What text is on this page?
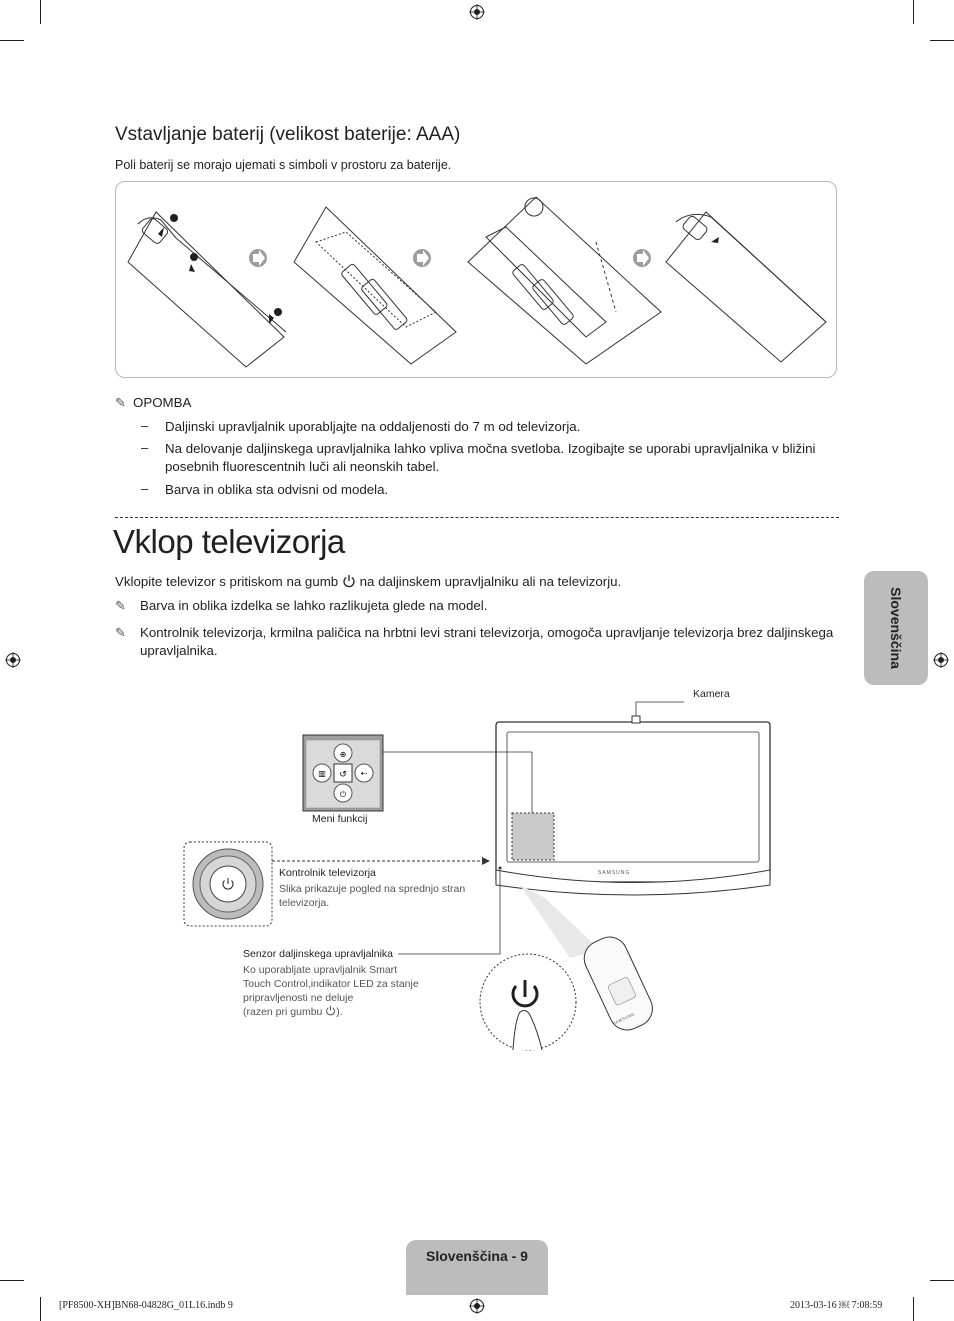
Vstavljanje baterij (velikost baterije: AAA)
Poli baterij se morajo ujemati s simboli v prostoru za baterije.
✎ OPOMBA
– Daljinski upravljalnik uporabljajte na oddaljenosti do 7 m od televizorja.
– Na delovanje daljinskega upravljalnika lahko vpliva močna svetloba. Izogibajte se uporabi upravljalnika v bližini
posebnih fluorescentnih luči ali neonskih tabel.
– Barva in oblika sta odvisni od modela.
Vklop televizorja
Vklopite televizor s pritiskom na gumb na daljinskem upravljalniku ali na televizorju.
✎ Barva in oblika izdelka se lahko razlikujeta glede na model.
✎ Kontrolnik televizorja, krmilna paličica na hrbtni levi strani televizorja, omogoča upravljanje televizorja brez daljinskega
upravljalnika.	Slovenščina
↺
⊕
▥	⇠
⏻
Kamera
Meni funkcij
Kontrolnik televizorja
Slika prikazuje pogled na sprednjo stran
televizorja.
Senzor daljinskega upravljalnika
Ko uporabljate upravljalnik Smart
Touch Control,indikator LED za stanje
pripravljenosti ne deluje
(razen pri gumbu ).
SAMSUNG
SAMSUNG
Slovenščina - 9
[PF8500-XH]BN68-04828G_01L16.indb 9	2013-03-16 ￼ 7:08:59
